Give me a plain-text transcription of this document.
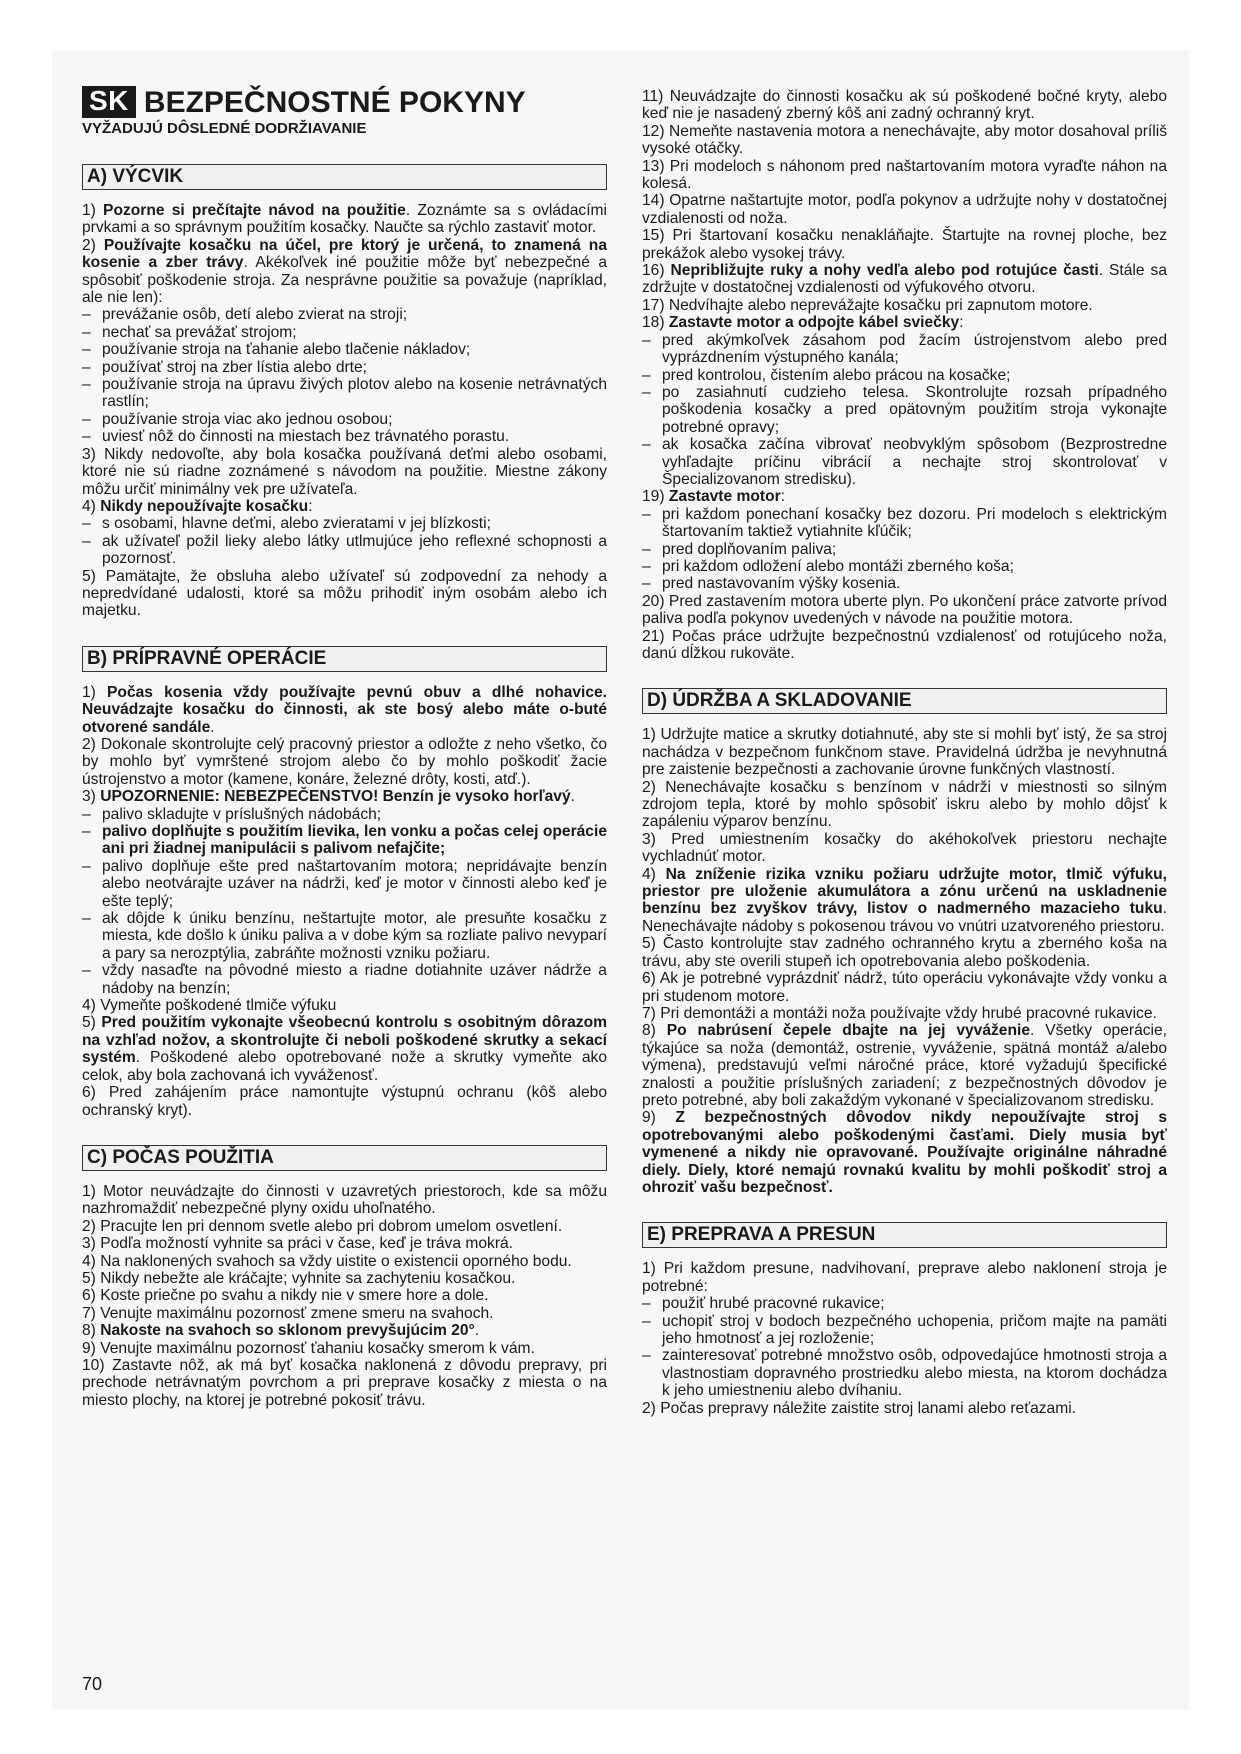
SK BEZPEČNOSTNÉ POKYNY
VYŽADUJÚ DÔSLEDNÉ DODRŽIAVANIE
A) VÝCVIK

1) Pozorne si prečítajte návod na použitie. Zoznámte sa s ovládacími prvkami a so správnym použitím kosačky. Naučte sa rýchlo zastaviť motor.

2) Používajte kosačku na účel, pre ktorý je určená, to znamená na kosenie a zber trávy. Akékoľvek iné použitie môže byť nebezpečné a spôsobiť poškodenie stroja. Za nesprávne použitie sa považuje (napríklad, ale nie len):

– prevážanie osôb, detí alebo zvierat na stroji;

– nechať sa prevážať strojom;

– používanie stroja na ťahanie alebo tlačenie nákladov;

– používať stroj na zber lístia alebo drte;

– používanie stroja na úpravu živých plotov alebo na kosenie netrávnatých rastlín;

– používanie stroja viac ako jednou osobou;

– uviesť nôž do činnosti na miestach bez trávnatého porastu.

3) Nikdy nedovoľte, aby bola kosačka používaná deťmi alebo osobami, ktoré nie sú riadne zoznámené s návodom na použitie. Miestne zákony môžu určiť minimálny vek pre užívateľa.

4) Nikdy nepoužívajte kosačku:

– s osobami, hlavne deťmi, alebo zvieratami v jej blízkosti;

– ak užívateľ požil lieky alebo látky utlmujúce jeho reflexné schopnosti a pozornosť.

5) Pamätajte, že obsluha alebo užívateľ sú zodpovední za nehody a nepredvídané udalosti, ktoré sa môžu prihodiť iným osobám alebo ich majetku.

B) PRÍPRAVNÉ OPERÁCIE

1) Počas kosenia vždy používajte pevnú obuv a dlhé nohavice. Neuvádzajte kosačku do činnosti, ak ste bosý alebo máte o-buté otvorené sandále.

2) Dokonale skontrolujte celý pracovný priestor a odložte z neho všetko, čo by mohlo byť vymrštené strojom alebo čo by mohlo poškodiť žacie ústrojenstvo a motor (kamene, konáre, železné drôty, kosti, atď.).

3) UPOZORNENIE: NEBEZPEČENSTVO! Benzín je vysoko horľavý.

– palivo skladujte v príslušných nádobách;

– palivo doplňujte s použitím lievika, len vonku a počas celej operácie ani pri žiadnej manipulácii s palivom nefajčite;

– palivo doplňuje ešte pred naštartovaním motora; nepridávajte benzín alebo neotvárajte uzáver na nádrži, keď je motor v činnosti alebo keď je ešte teplý;

– ak dôjde k úniku benzínu, neštartujte motor, ale presuňte kosačku z miesta, kde došlo k úniku paliva a v dobe kým sa rozliate palivo nevyparí a pary sa nerozptýlia, zabráňte možnosti vzniku požiaru.

– vždy nasaďte na pôvodné miesto a riadne dotiahnite uzáver nádrže a nádoby na benzín;

4) Vymeňte poškodené tlmiče výfuku

5) Pred použitím vykonajte všeobecnú kontrolu s osobitným dôrazom na vzhľad nožov, a skontrolujte či neboli poškodené skrutky a sekací systém. Poškodené alebo opotrebované nože a skrutky vymeňte ako celok, aby bola zachovaná ich vyváženosť.

6) Pred zahájením práce namontujte výstupnú ochranu (kôš alebo ochranský kryt).

C) POČAS POUŽITIA

1) Motor neuvádzajte do činnosti v uzavretých priestoroch, kde sa môžu nazhromaždiť nebezpečné plyny oxidu uhoľnatého.

2) Pracujte len pri dennom svetle alebo pri dobrom umelom osvetlení.

3) Podľa možností vyhnite sa práci v čase, keď je tráva mokrá.

4) Na naklonených svahoch sa vždy uistite o existencii oporného bodu.

5) Nikdy nebežte ale kráčajte; vyhnite sa zachyteniu kosačkou.

6) Koste priečne po svahu a nikdy nie v smere hore a dole.

7) Venujte maximálnu pozornosť zmene smeru na svahoch.

8) Nakoste na svahoch so sklonom prevyšujúcim 20°.

9) Venujte maximálnu pozornosť ťahaniu kosačky smerom k vám.

10) Zastavte nôž, ak má byť kosačka naklonená z dôvodu prepravy, pri prechode netrávnatým povrchom a pri preprave kosačky z miesta o na miesto plochy, na ktorej je potrebné pokosiť trávu.

11) Neuvádzajte do činnosti kosačku ak sú poškodené bočné kryty, alebo keď nie je nasadený zberný kôš ani zadný ochranný kryt.

12) Nemeňte nastavenia motora a nenechávajte, aby motor dosahoval príliš vysoké otáčky.

13) Pri modeloch s náhonom pred naštartovaním motora vyraďte náhon na kolesá.

14) Opatrne naštartujte motor, podľa pokynov a udržujte nohy v dostatočnej vzdialenosti od noža.

15) Pri štartovaní kosačku nenakláňajte. Štartujte na rovnej ploche, bez prekážok alebo vysokej trávy.

16) Nepribližujte ruky a nohy vedľa alebo pod rotujúce časti. Stále sa zdržujte v dostatočnej vzdialenosti od výfukového otvoru.

17) Nedvíhajte alebo neprevážajte kosačku pri zapnutom motore.

18) Zastavte motor a odpojte kábel sviečky:

– pred akýmkoľvek zásahom pod žacím ústrojenstvom alebo pred vyprázdnením výstupného kanála;

– pred kontrolou, čistením alebo prácou na kosačke;

– po zasiahnutí cudzieho telesa. Skontrolujte rozsah prípadného poškodenia kosačky a pred opätovným použitím stroja vykonajte potrebné opravy;

– ak kosačka začína vibrovať neobvyklým spôsobom (Bezprostredne vyhľadajte príčinu vibrácií a nechajte stroj skontrolovať v Špecializovanom stredisku).

19) Zastavte motor:

– pri každom ponechaní kosačky bez dozoru. Pri modeloch s elektrickým štartovaním taktiež vytiahnite kľúčik;

– pred doplňovaním paliva;

– pri každom odložení alebo montáži zberného koša;

– pred nastavovaním výšky kosenia.

20) Pred zastavením motora uberte plyn. Po ukončení práce zatvorte prívod paliva podľa pokynov uvedených v návode na použitie motora.

21) Počas práce udržujte bezpečnostnú vzdialenosť od rotujúceho noža, danú dĺžkou rukoväte.

D) ÚDRŽBA A SKLADOVANIE

1) Udržujte matice a skrutky dotiahnuté, aby ste si mohli byť istý, že sa stroj nachádza v bezpečnom funkčnom stave. Pravidelná údržba je nevyhnutná pre zaistenie bezpečnosti a zachovanie úrovne funkčných vlastností.

2) Nenechávajte kosačku s benzínom v nádrži v miestnosti so silným zdrojom tepla, ktoré by mohlo spôsobiť iskru alebo by mohlo dôjsť k zapáleniu výparov benzínu.

3) Pred umiestnením kosačky do akéhokoľvek priestoru nechajte vychladnúť motor.

4) Na zníženie rizika vzniku požiaru udržujte motor, tlmič výfuku, priestor pre uloženie akumulátora a zónu určenú na uskladnenie benzínu bez zvyškov trávy, listov o nadmerného mazacieho tuku. Nenechávajte nádoby s pokosenou trávou vo vnútri uzatvoreného priestoru.

5) Často kontrolujte stav zadného ochranného krytu a zberného koša na trávu, aby ste overili stupeň ich opotrebovania alebo poškodenia.

6) Ak je potrebné vyprázdniť nádrž, túto operáciu vykonávajte vždy vonku a pri studenom motore.

7) Pri demontáži a montáži noža používajte vždy hrubé pracovné rukavice.

8) Po nabrúsení čepele dbajte na jej vyváženie. Všetky operácie, týkajúce sa noža (demontáž, ostrenie, vyváženie, spätná montáž a/alebo výmena), predstavujú veľmi náročné práce, ktoré vyžadujú špecifické znalosti a použitie príslušných zariadení; z bezpečnostných dôvodov je preto potrebné, aby boli zakaždým vykonané v špecializovanom stredisku.

9) Z bezpečnostných dôvodov nikdy nepoužívajte stroj s opotrebovanými alebo poškodenými časťami. Diely musia byť vymenené a nikdy nie opravované. Používajte originálne náhradné diely. Diely, ktoré nemajú rovnakú kvalitu by mohli poškodiť stroj a ohroziť vašu bezpečnosť.

E) PREPRAVA A PRESUN

1) Pri každom presune, nadvihovaní, preprave alebo naklonení stroja je potrebné:

– použiť hrubé pracovné rukavice;

– uchopiť stroj v bodoch bezpečného uchopenia, pričom majte na pamäti jeho hmotnosť a jej rozloženie;

– zainteresovať potrebné množstvo osôb, odpovedajúce hmotnosti stroja a vlastnostiam dopravného prostriedku alebo miesta, na ktorom dochádza k jeho umiestneniu alebo dvíhaniu.

2) Počas prepravy náležite zaistite stroj lanami alebo reťazami.

70
